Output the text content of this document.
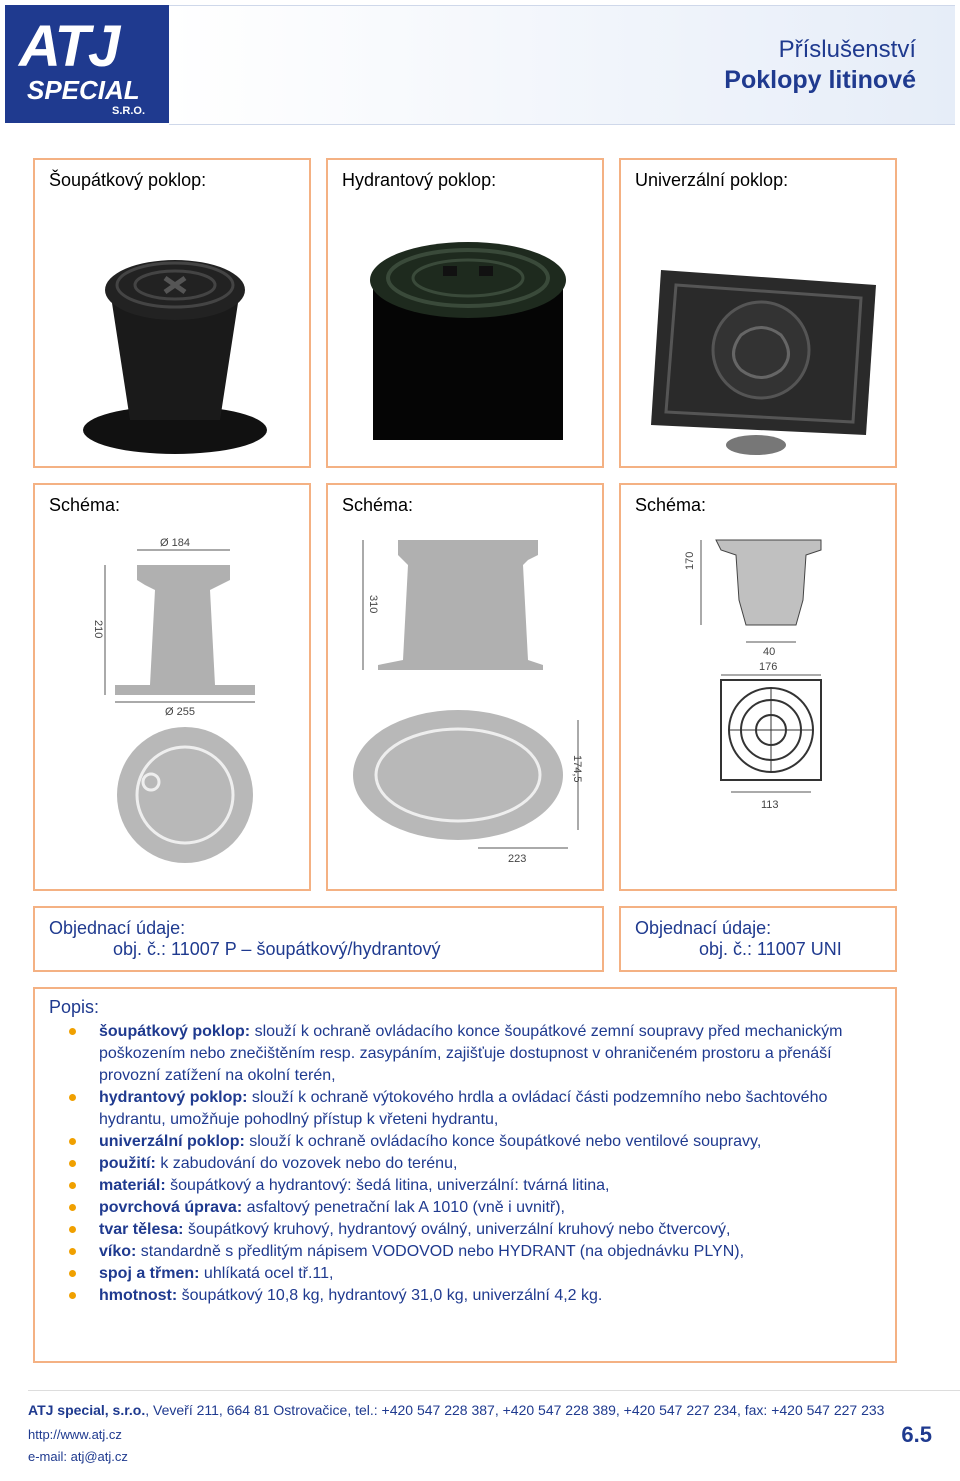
ATJ
SPECIAL
S.R.O.
Příslušenství
Poklopy litinové
Šoupátkový poklop:	Hydrantový poklop:	Univerzální poklop:
Schéma:
Ø 184
210
Ø 255
Schéma:
310
174,5
223
Schéma:
170
40
176
113
Objednací údaje:
obj. č.: 11007 P – šoupátkový/hydrantový
Objednací údaje:
obj. č.: 11007 UNI
Popis:
šoupátkový poklop: slouží k ochraně ovládacího konce šoupátkové zemní soupravy před mechanickým poškozením nebo znečištěním resp. zasypáním, zajišťuje dostupnost v ohraničeném prostoru a přenáší provozní zatížení na okolní terén,
hydrantový poklop: slouží k ochraně výtokového hrdla a ovládací části podzemního nebo šachtového hydrantu, umožňuje pohodlný přístup k vřeteni hydrantu,
univerzální poklop: slouží k ochraně ovládacího konce šoupátkové nebo ventilové soupravy,
použití: k zabudování do vozovek nebo do terénu,
materiál: šoupátkový a hydrantový: šedá litina, univerzální: tvárná litina,
povrchová úprava: asfaltový penetrační lak A 1010 (vně i uvnitř),
tvar tělesa: šoupátkový kruhový, hydrantový oválný, univerzální kruhový nebo čtvercový,
víko: standardně s předlitým nápisem VODOVOD nebo HYDRANT (na objednávku PLYN),
spoj a třmen: uhlíkatá ocel tř.11,
hmotnost: šoupátkový 10,8 kg, hydrantový 31,0 kg, univerzální 4,2 kg.
ATJ special, s.r.o., Veveří 211, 664 81 Ostrovačice, tel.: +420 547 228 387, +420 547 228 389, +420 547 227 234, fax: +420 547 227 233
http://www.atj.cz
e-mail: atj@atj.cz
6.5
